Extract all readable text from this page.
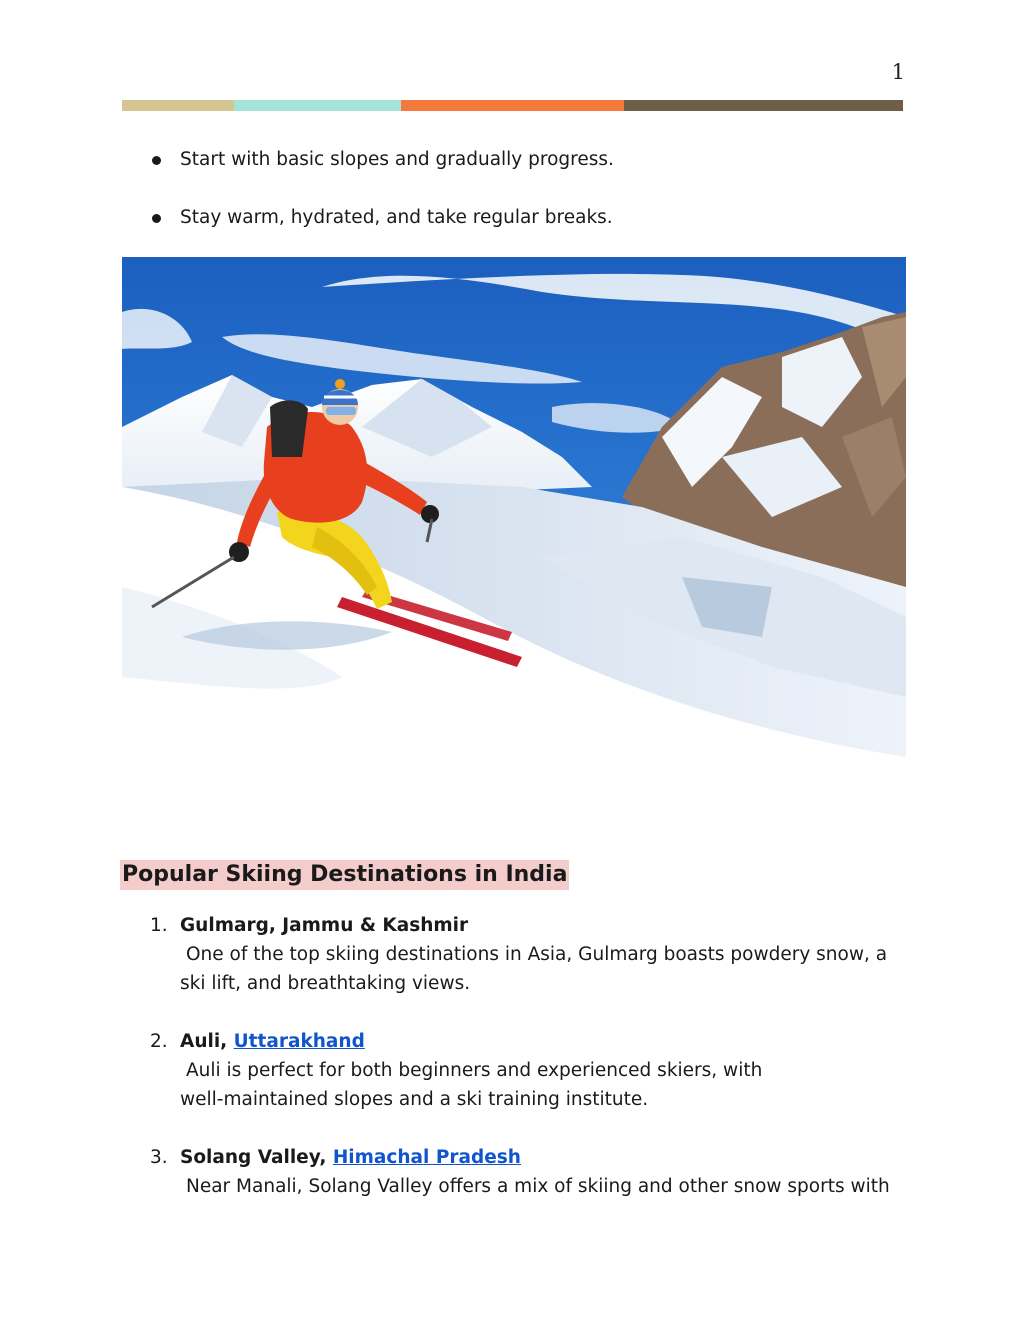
1
Start with basic slopes and gradually progress.
Stay warm, hydrated, and take regular breaks.
Popular Skiing Destinations in India
1. Gulmarg, Jammu & Kashmir
One of the top skiing destinations in Asia, Gulmarg boasts powdery snow, a
ski lift, and breathtaking views.
2. Auli, Uttarakhand
Auli is perfect for both beginners and experienced skiers, with
well-maintained slopes and a ski training institute.
3. Solang Valley, Himachal Pradesh
Near Manali, Solang Valley offers a mix of skiing and other snow sports with
